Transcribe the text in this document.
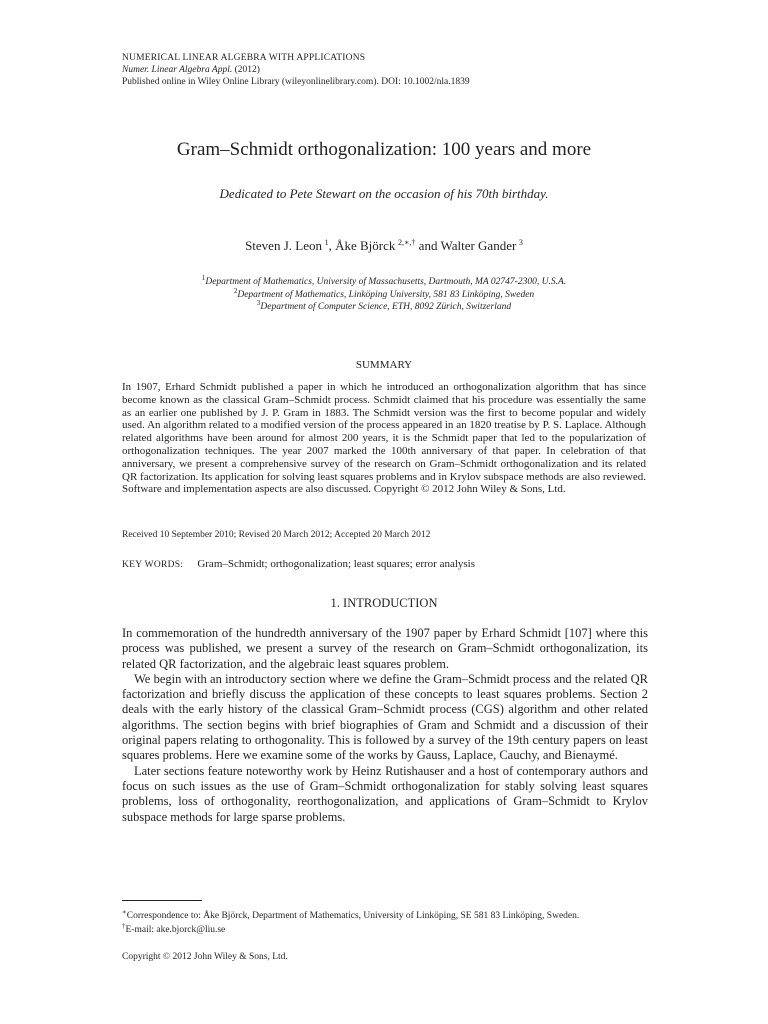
NUMERICAL LINEAR ALGEBRA WITH APPLICATIONS
Numer. Linear Algebra Appl. (2012)
Published online in Wiley Online Library (wileyonlinelibrary.com). DOI: 10.1002/nla.1839
Gram–Schmidt orthogonalization: 100 years and more
Dedicated to Pete Stewart on the occasion of his 70th birthday.
Steven J. Leon  $^1$, Åke Björck  $^{2,∗,\dagger}$ and Walter Gander  $^3$
$^1$Department of Mathematics, University of Massachusetts, Dartmouth, MA 02747-2300, U.S.A.
$^2$Department of Mathematics, Linköping University, 581 83 Linköping, Sweden
$^3$Department of Computer Science, ETH, 8092 Zürich, Switzerland
SUMMARY

In 1907, Erhard Schmidt published a paper in which he introduced an orthogonalization algorithm that has since become known as the classical Gram–Schmidt process. Schmidt claimed that his procedure was essentially the same as an earlier one published by J. P. Gram in 1883. The Schmidt version was the first to become popular and widely used. An algorithm related to a modified version of the process appeared in an 1820 treatise by P. S. Laplace. Although related algorithms have been around for almost 200 years, it is the Schmidt paper that led to the popularization of orthogonalization techniques. The year 2007 marked the 100th anniversary of that paper. In celebration of that anniversary, we present a comprehensive survey of the research on Gram–Schmidt orthogonalization and its related QR factorization. Its application for solving least squares problems and in Krylov subspace methods are also reviewed. Software and implementation aspects are also discussed. Copyright © 2012 John Wiley & Sons, Ltd.

Received 10 September 2010; Revised 20 March 2012; Accepted 20 March 2012
KEY WORDS: Gram–Schmidt; orthogonalization; least squares; error analysis
1. INTRODUCTION

In commemoration of the hundredth anniversary of the 1907 paper by Erhard Schmidt [107] where this process was published, we present a survey of the research on Gram–Schmidt orthogonalization, its related QR factorization, and the algebraic least squares problem.

We begin with an introductory section where we define the Gram–Schmidt process and the related QR factorization and briefly discuss the application of these concepts to least squares problems. Section 2 deals with the early history of the classical Gram–Schmidt process (CGS) algorithm and other related algorithms. The section begins with brief biographies of Gram and Schmidt and a discussion of their original papers relating to orthogonality. This is followed by a survey of the 19th century papers on least squares problems. Here we examine some of the works by Gauss, Laplace, Cauchy, and Bienaymé.

Later sections feature noteworthy work by Heinz Rutishauser and a host of contemporary authors and focus on such issues as the use of Gram–Schmidt orthogonalization for stably solving least squares problems, loss of orthogonality, reorthogonalization, and applications of Gram–Schmidt to Krylov subspace methods for large sparse problems.

∗Correspondence to: Åke Björck, Department of Mathematics, University of Linköping, SE 581 83 Linköping, Sweden.
†E-mail: ake.bjorck@liu.se
Copyright © 2012 John Wiley & Sons, Ltd.
